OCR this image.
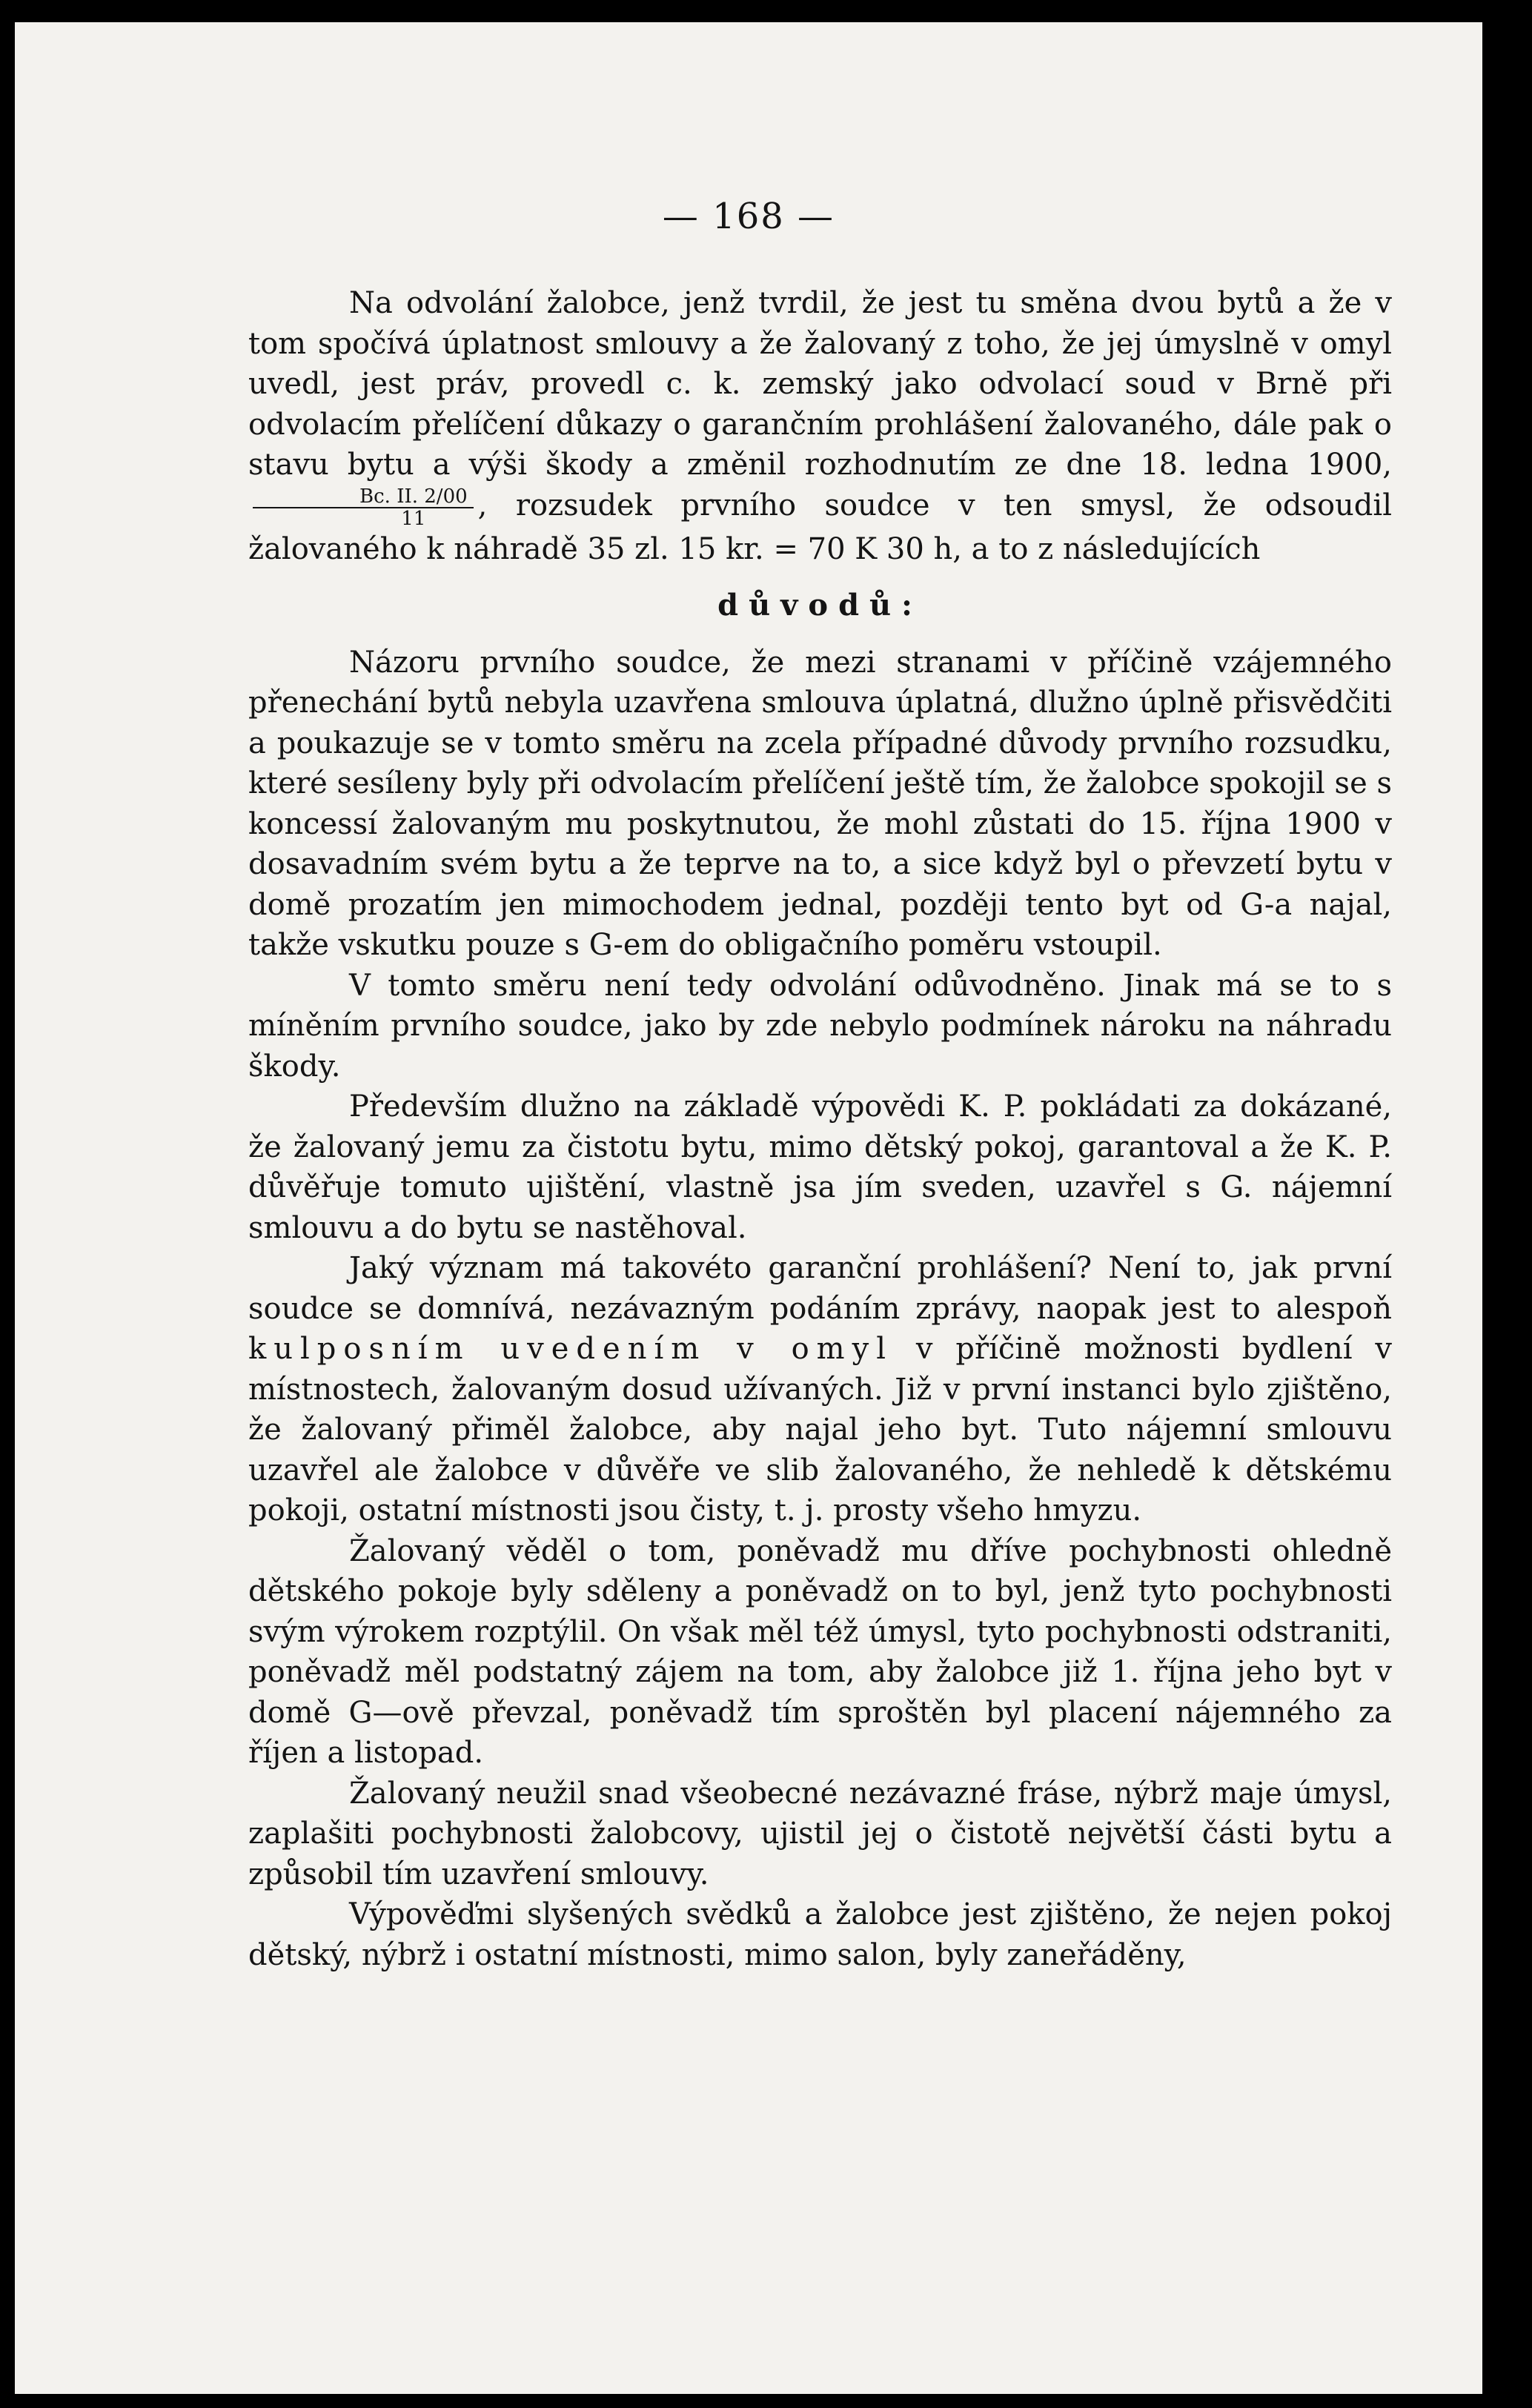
— 168 —

Na odvolání žalobce, jenž tvrdil, že jest tu směna dvou bytů a že v tom spočívá úplatnost smlouvy a že žalovaný z toho, že jej úmyslně v omyl uvedl, jest práv, provedl c. k. zemský jako odvolací soud v Brně při odvolacím přelíčení důkazy o garančním prohlášení žalovaného, dále pak o stavu bytu a výši škody a změnil rozhodnutím ze dne 18. ledna 1900,
$\frac{Bc. II. 2/00}{11}$ , rozsudek prvního soudce v ten smysl, že odsoudil žalovaného k náhradě 35 zl. 15 kr. = 70 K 30 h, a to z následujících

důvodů:

Názoru prvního soudce, že mezi stranami v příčině vzájemného přenechání bytů nebyla uzavřena smlouva úplatná, dlužno úplně přisvědčiti a poukazuje se v tomto směru na zcela případné důvody prvního rozsudku, které sesíleny byly při odvolacím přelíčení ještě tím, že žalobce spokojil se s koncessí žalovaným mu poskytnutou, že mohl zůstati do 15. října 1900 v dosavadním svém bytu a že teprve na to, a sice když byl o převzetí bytu v domě prozatím jen mimochodem jednal, později tento byt od G-a najal, takže vskutku pouze s G-em do obligačního poměru vstoupil.

V tomto směru není tedy odvolání odůvodněno. Jinak má se to s míněním prvního soudce, jako by zde nebylo podmínek nároku na náhradu škody.

Především dlužno na základě výpovědi K. P. pokládati za dokázané, že žalovaný jemu za čistotu bytu, mimo dětský pokoj, garantoval a že K. P. důvěřuje tomuto ujištění, vlastně jsa jím sveden, uzavřel s G. nájemní smlouvu a do bytu se nastěhoval.

Jaký význam má takovéto garanční prohlášení? Není to, jak první soudce se domnívá, nezávazným podáním zprávy, naopak jest to alespoň kulposním uvedením v omyl v příčině možnosti bydlení v místnostech, žalovaným dosud užívaných. Již v první instanci bylo zjištěno, že žalovaný přiměl žalobce, aby najal jeho byt. Tuto nájemní smlouvu uzavřel ale žalobce v důvěře ve slib žalovaného, že nehledě k dětskému pokoji, ostatní místnosti jsou čisty, t. j. prosty všeho hmyzu.

Žalovaný věděl o tom, poněvadž mu dříve pochybnosti ohledně dětského pokoje byly sděleny a poněvadž on to byl, jenž tyto pochybnosti svým výrokem rozptýlil. On však měl též úmysl, tyto pochybnosti odstraniti, poněvadž měl podstatný zájem na tom, aby žalobce již 1. října jeho byt v domě G—ově převzal, poněvadž tím sproštěn byl placení nájemného za říjen a listopad.

Žalovaný neužil snad všeobecné nezávazné fráse, nýbrž maje úmysl, zaplašiti pochybnosti žalobcovy, ujistil jej o čistotě největší části bytu a způsobil tím uzavření smlouvy.

Výpověďmi slyšených svědků a žalobce jest zjištěno, že nejen pokoj dětský, nýbrž i ostatní místnosti, mimo salon, byly zaneřáděny,
